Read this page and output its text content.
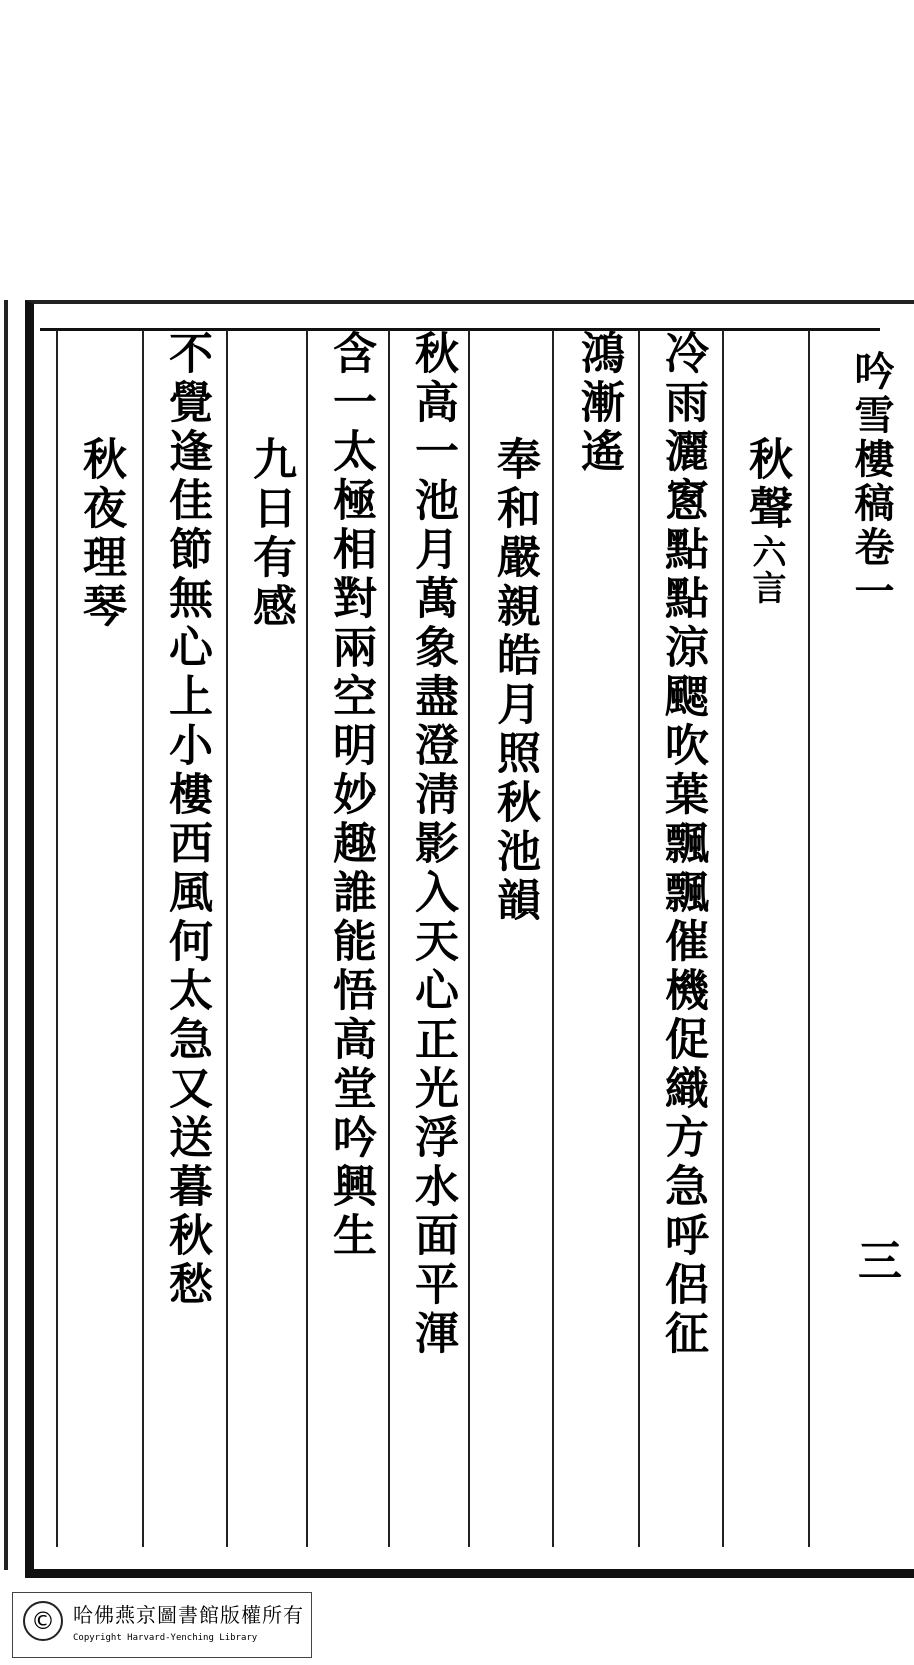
吟雪樓稿卷一
三
冷雨灑窻點點涼颸吹葉飄飄催機促織方急呼侶征 秋聲六言
鴻漸遙
奉和嚴親皓月照秋池韻
秋高一池月萬象盡澄淸影入天心正光浮水面平渾
含一太極相對兩空明妙趣誰能悟高堂吟興生
九日有感
不覺逢佳節無心上小樓西風何太急又送暮秋愁
秋夜理琴
© 哈佛燕京圖書館版權所有
Copyright Harvard-Yenching Library
